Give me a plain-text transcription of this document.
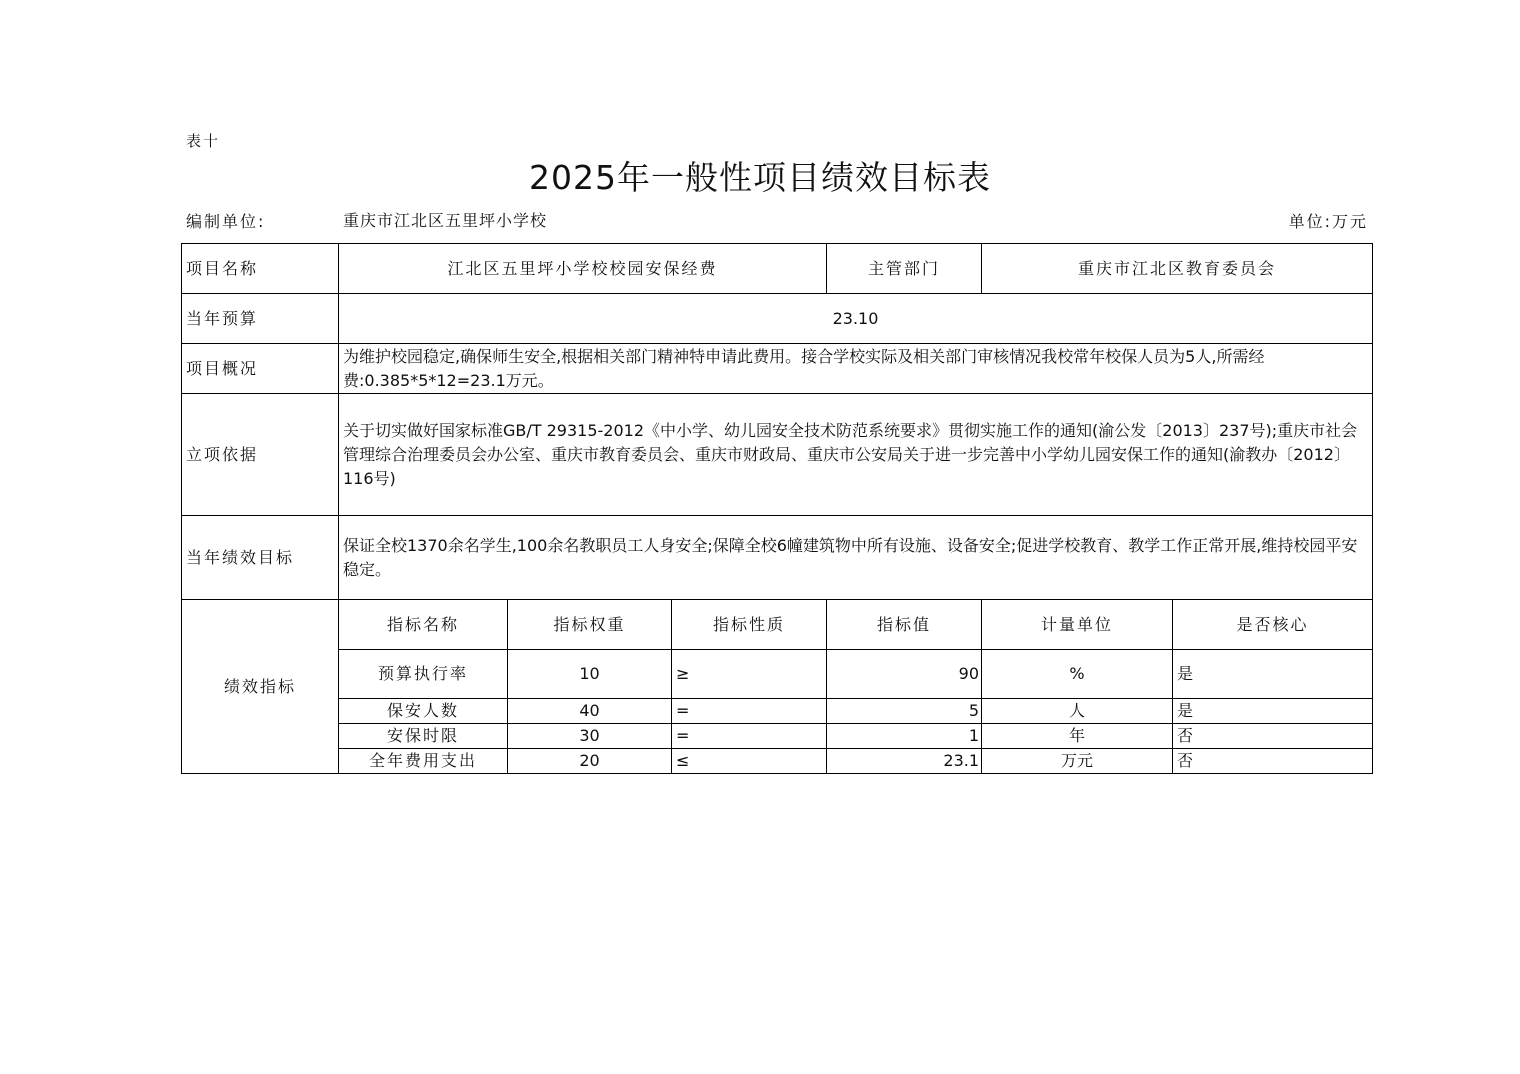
表十
2025年一般性项目绩效目标表
编制单位:	重庆市江北区五里坪小学校	单位:万元
项目名称	江北区五里坪小学校校园安保经费			主管部门	重庆市江北区教育委员会	
当年预算	23.10					
项目概况	为维护校园稳定,确保师生安全,根据相关部门精神特申请此费用。接合学校实际及相关部门审核情况我校常年校保人员为5人,所需经费:0.385*5*12=23.1万元。					
立项依据	关于切实做好国家标准GB/T 29315-2012《中小学、幼儿园安全技术防范系统要求》贯彻实施工作的通知(渝公发〔2013〕237号);重庆市社会管理综合治理委员会办公室、重庆市教育委员会、重庆市财政局、重庆市公安局关于进一步完善中小学幼儿园安保工作的通知(渝教办〔2012〕116号)					
当年绩效目标	保证全校1370余名学生,100余名教职员工人身安全;保障全校6幢建筑物中所有设施、设备安全;促进学校教育、教学工作正常开展,维持校园平安稳定。					
绩效指标	指标名称	指标权重	指标性质	指标值	计量单位	是否核心
	预算执行率	10	≥	90	%	是
	保安人数	40	=	5	人	是
	安保时限	30	=	1	年	否
	全年费用支出	20	≤	23.1	万元	否
